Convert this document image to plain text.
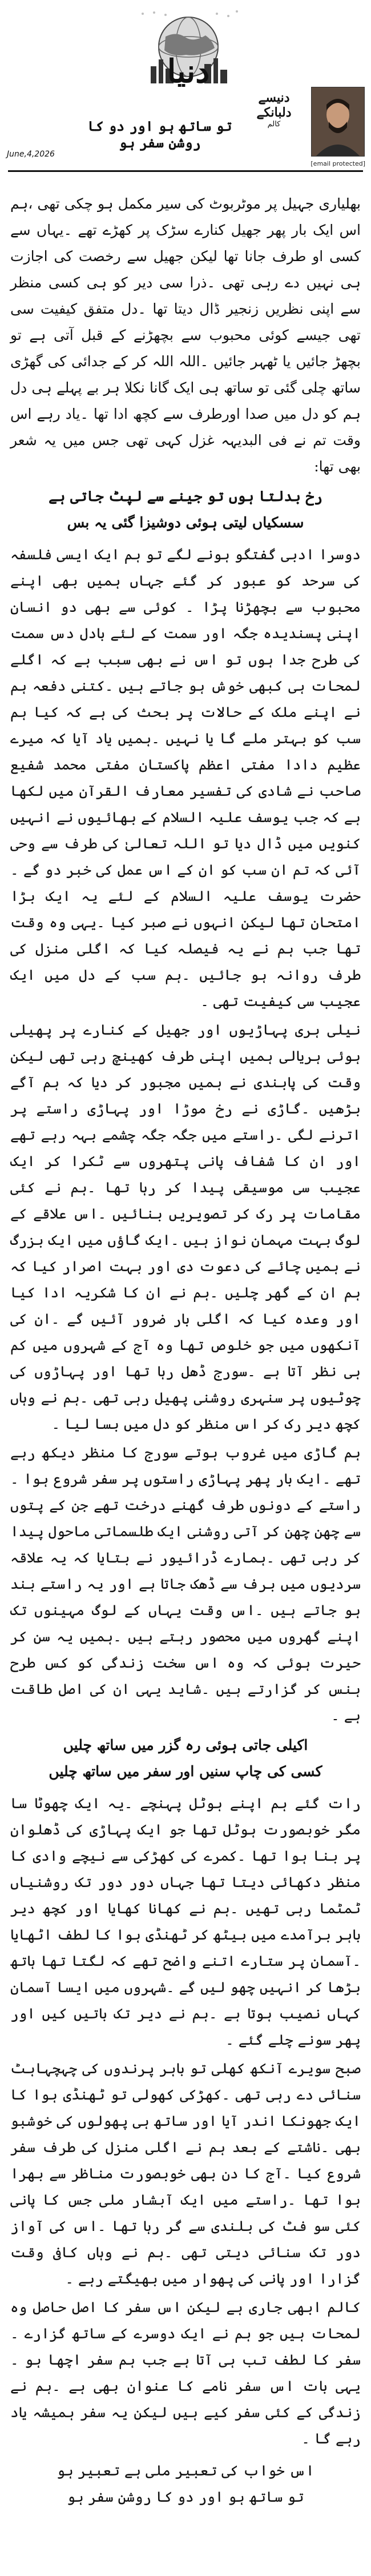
دنیا
دنیسے
دلبانکے
کالم
تو ساتھ ہو اور دو کا روشن سفر ہو
June,4,2026
[email protected]

بھلیاری جہیل پر موٹربوٹ کی سیر مکمل ہو چکی تھی ،ہم اس ایک بار پھر جھیل کنارے سڑک پر کھڑے تھے ۔یہاں سے کسی او طرف جانا تھا لیکن جھیل سے رخصت کی اجازت ہی نہیں دے رہی تھی ۔ذرا سی دیر کو ہی کسی منظر سے اپنی نظریں زنجیر ڈال دیتا تھا ۔دل متفق کیفیت سی تھی جیسے کوئی محبوب سے بچھڑنے کے قبل آتی ہے تو بچھڑ جائیں یا ٹھہر جائیں ۔اللہ اللہ کر کے جدائی کی گھڑی ساتھ چلی گئی تو ساتھ ہی ایک گانا نکلا ہر بے پہلے ہی دل ہم کو دل میں صدا اورطرف سے کچھ ادا تھا ۔یاد رہے اس وقت تم نے فی البدیہہ غزل کہی تھی جس میں یہ شعر بھی تھا:

رخ بدلتا ہوں تو جینے سے لپٹ جاتی ہے
سسکیاں لیتی ہوئی دوشیزا گئی یہ بس

دوسرا ادبی گفتگو ہونے لگے تو ہم ایک ایسی فلسفہ کی سرحد کو عبور کر گئے جہاں ہمیں بھی اپنے محبوب سے بچھڑنا پڑا ۔ کوئی سے بھی دو انسان اپنی پسندیدہ جگہ اور سمت کے لئے بادل دس سمت کی طرح جدا ہوں تو اس نے بھی سبب ہے کہ اگلے لمحات ہی کبھی خوش ہو جاتے ہیں ۔کتنی دفعہ ہم نے اپنے ملک کے حالات پر بحث کی ہے کہ کیا ہم سب کو بہتر ملے گا یا نہیں ۔ہمیں یاد آیا کہ میرے عظیم دادا مفتی اعظم پاکستان مفتی محمد شفیع صاحب نے شادی کی تفسیر معارف القرآن میں لکھا ہے کہ جب یوسف علیہ السلام کے بھائیوں نے انہیں کنویں میں ڈال دیا تو اللہ تعالیٰ کی طرف سے وحی آئی کہ تم ان سب کو ان کے اس عمل کی خبر دو گے ۔حضرت یوسف علیہ السلام کے لئے یہ ایک بڑا امتحان تھا لیکن انہوں نے صبر کیا ۔یہی وہ وقت تھا جب ہم نے یہ فیصلہ کیا کہ اگلی منزل کی طرف روانہ ہو جائیں ۔ہم سب کے دل میں ایک عجیب سی کیفیت تھی ۔

نیلی ہری پہاڑیوں اور جھیل کے کنارے پر پھیلی ہوئی ہریالی ہمیں اپنی طرف کھینچ رہی تھی لیکن وقت کی پابندی نے ہمیں مجبور کر دیا کہ ہم آگے بڑھیں ۔گاڑی نے رخ موڑا اور پہاڑی راستے پر اترنے لگی ۔راستے میں جگہ جگہ چشمے بہہ رہے تھے اور ان کا شفاف پانی پتھروں سے ٹکرا کر ایک عجیب سی موسیقی پیدا کر رہا تھا ۔ہم نے کئی مقامات پر رک کر تصویریں بنائیں ۔اس علاقے کے لوگ بہت مہمان نواز ہیں ۔ایک گاؤں میں ایک بزرگ نے ہمیں چائے کی دعوت دی اور بہت اصرار کیا کہ ہم ان کے گھر چلیں ۔ہم نے ان کا شکریہ ادا کیا اور وعدہ کیا کہ اگلی بار ضرور آئیں گے ۔ان کی آنکھوں میں جو خلوص تھا وہ آج کے شہروں میں کم ہی نظر آتا ہے ۔سورج ڈھل رہا تھا اور پہاڑوں کی چوٹیوں پر سنہری روشنی پھیل رہی تھی ۔ہم نے وہاں کچھ دیر رک کر اس منظر کو دل میں بسا لیا ۔

ہم گاڑی میں غروب ہوتے سورج کا منظر دیکھ رہے تھے ۔ایک بار پھر پہاڑی راستوں پر سفر شروع ہوا ۔راستے کے دونوں طرف گھنے درخت تھے جن کے پتوں سے چھن چھن کر آتی روشنی ایک طلسماتی ماحول پیدا کر رہی تھی ۔ہمارے ڈرائیور نے بتایا کہ یہ علاقہ سردیوں میں برف سے ڈھک جاتا ہے اور یہ راستے بند ہو جاتے ہیں ۔اس وقت یہاں کے لوگ مہینوں تک اپنے گھروں میں محصور رہتے ہیں ۔ہمیں یہ سن کر حیرت ہوئی کہ وہ اس سخت زندگی کو کس طرح ہنس کر گزارتے ہیں ۔شاید یہی ان کی اصل طاقت ہے ۔

اکیلی جاتی ہوئی رہ گزر میں ساتھ چلیں
کسی کی چاپ سنیں اور سفر میں ساتھ چلیں

رات گئے ہم اپنے ہوٹل پہنچے ۔یہ ایک چھوٹا سا مگر خوبصورت ہوٹل تھا جو ایک پہاڑی کی ڈھلوان پر بنا ہوا تھا ۔کمرے کی کھڑکی سے نیچے وادی کا منظر دکھائی دیتا تھا جہاں دور دور تک روشنیاں ٹمٹما رہی تھیں ۔ہم نے کھانا کھایا اور کچھ دیر باہر برآمدے میں بیٹھ کر ٹھنڈی ہوا کا لطف اٹھایا ۔آسمان پر ستارے اتنے واضح تھے کہ لگتا تھا ہاتھ بڑھا کر انہیں چھو لیں گے ۔شہروں میں ایسا آسمان کہاں نصیب ہوتا ہے ۔ہم نے دیر تک باتیں کیں اور پھر سونے چلے گئے ۔

صبح سویرے آنکھ کھلی تو باہر پرندوں کی چہچہاہٹ سنائی دے رہی تھی ۔کھڑکی کھولی تو ٹھنڈی ہوا کا ایک جھونکا اندر آیا اور ساتھ ہی پھولوں کی خوشبو بھی ۔ناشتے کے بعد ہم نے اگلی منزل کی طرف سفر شروع کیا ۔آج کا دن بھی خوبصورت مناظر سے بھرا ہوا تھا ۔راستے میں ایک آبشار ملی جس کا پانی کئی سو فٹ کی بلندی سے گر رہا تھا ۔اس کی آواز دور تک سنائی دیتی تھی ۔ہم نے وہاں کافی وقت گزارا اور پانی کی پھوار میں بھیگتے رہے ۔

کالم ابھی جاری ہے لیکن اس سفر کا اصل حاصل وہ لمحات ہیں جو ہم نے ایک دوسرے کے ساتھ گزارے ۔سفر کا لطف تب ہی آتا ہے جب ہم سفر اچھا ہو ۔یہی بات اس سفر نامے کا عنوان بھی ہے ۔ہم نے زندگی کے کئی سفر کیے ہیں لیکن یہ سفر ہمیشہ یاد رہے گا ۔

اس خواب کی تعبیر ملی ہے تعبیر ہو
تو ساتھ ہو اور دو کا روشن سفر ہو
